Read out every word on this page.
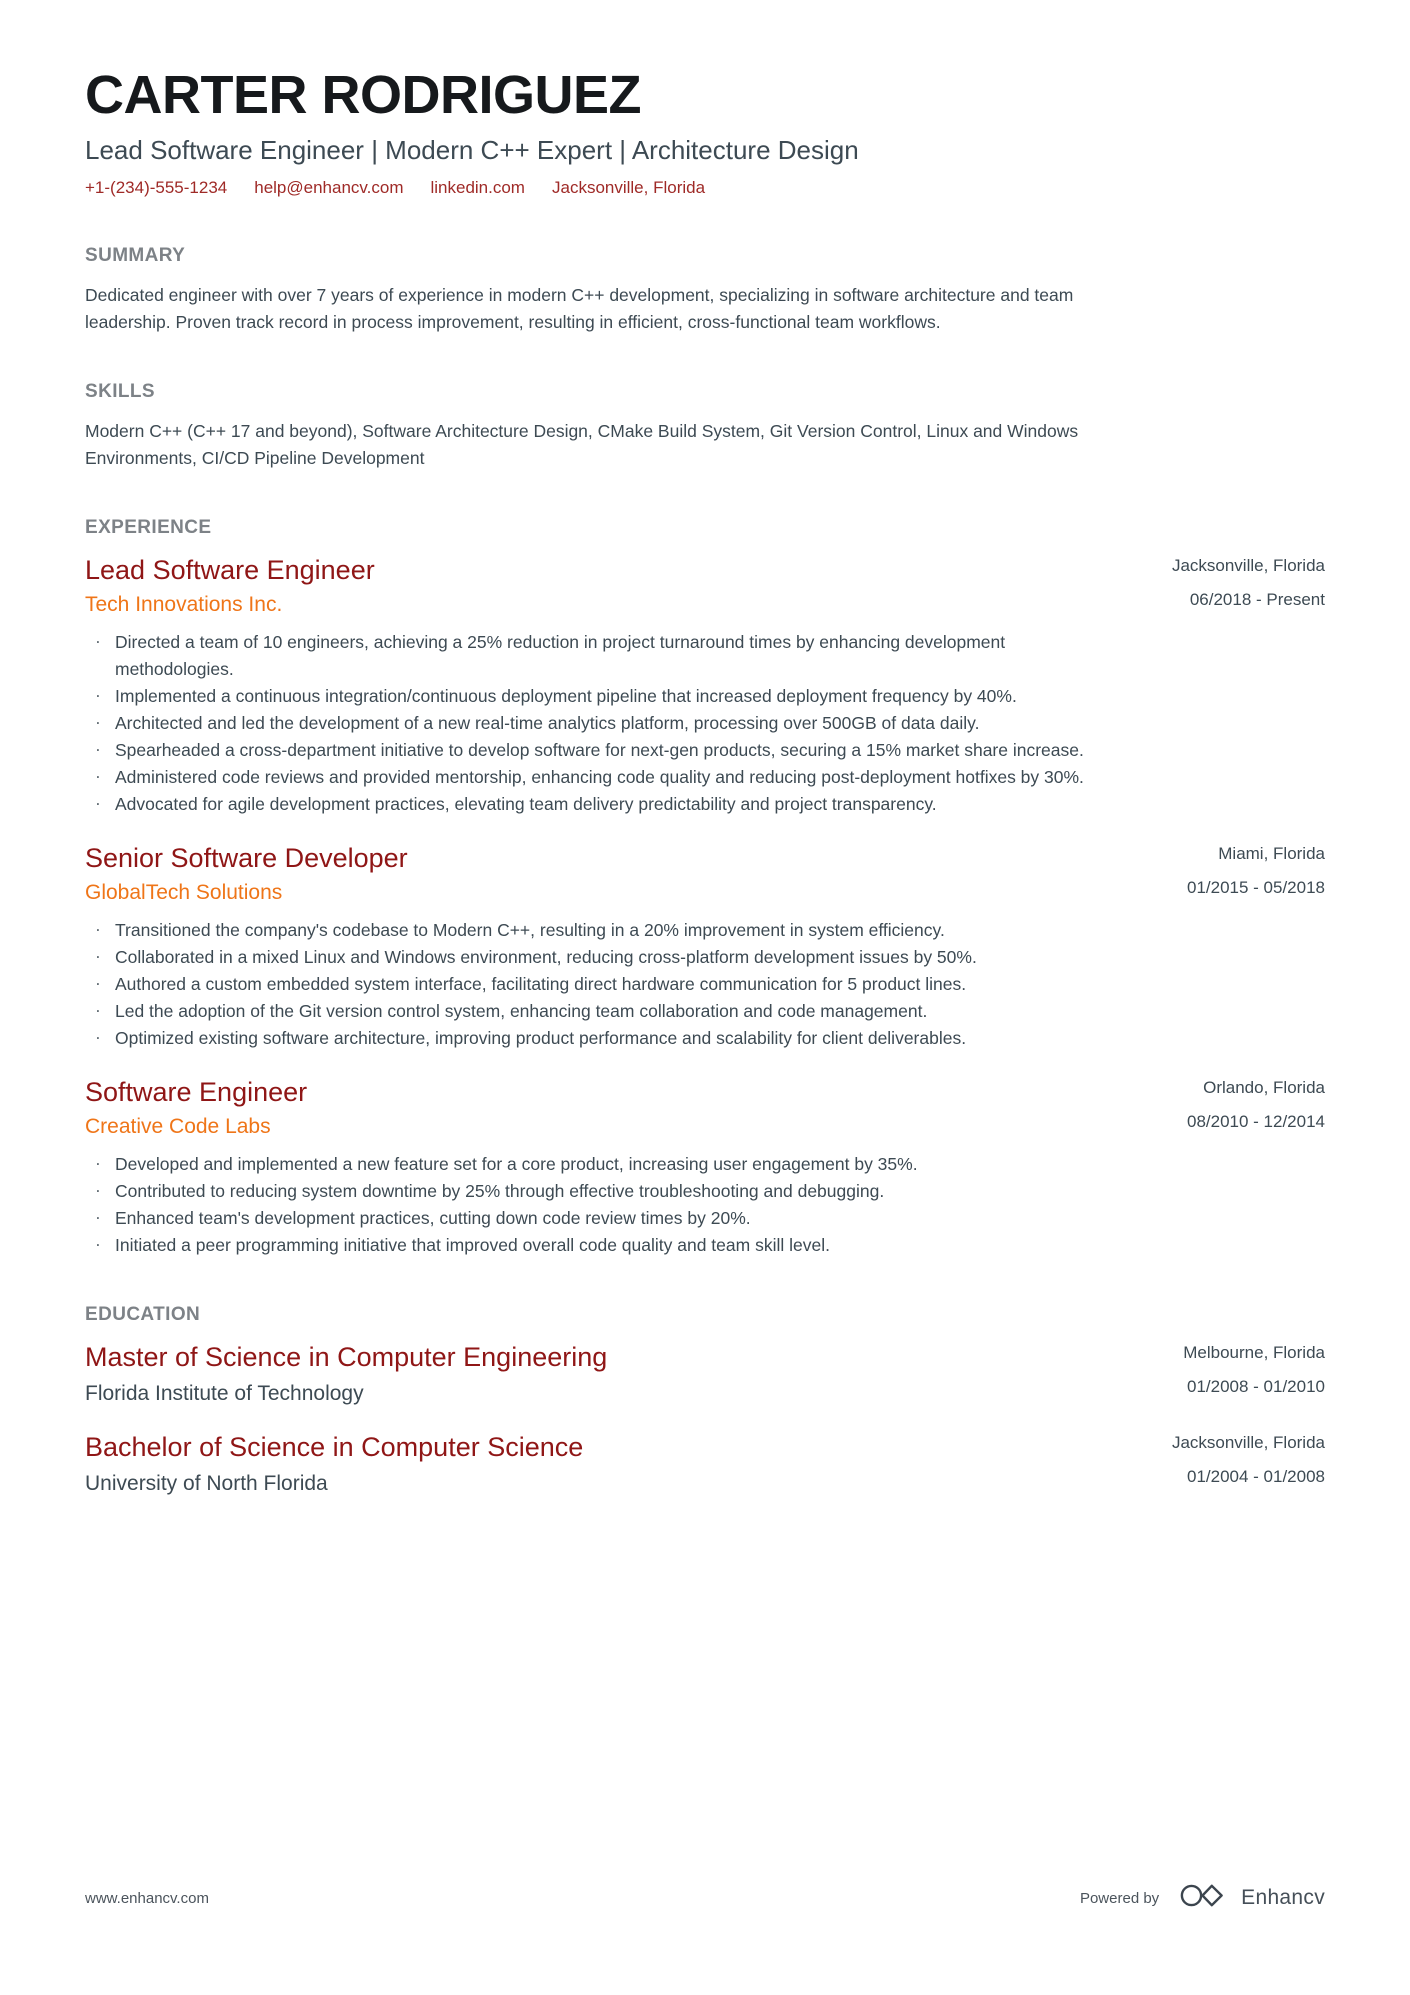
CARTER RODRIGUEZ
Lead Software Engineer | Modern C++ Expert | Architecture Design
+1-(234)-555-1234 help@enhancv.com linkedin.com Jacksonville, Florida
SUMMARY

Dedicated engineer with over 7 years of experience in modern C++ development, specializing in software architecture and team leadership. Proven track record in process improvement, resulting in efficient, cross-functional team workflows.

SKILLS

Modern C++ (C++ 17 and beyond), Software Architecture Design, CMake Build System, Git Version Control, Linux and Windows Environments, CI/CD Pipeline Development

EXPERIENCE
Lead Software Engineer
Tech Innovations Inc.
Jacksonville, Florida
06/2018 - Present
· Directed a team of 10 engineers, achieving a 25% reduction in project turnaround times by enhancing development methodologies.
· Implemented a continuous integration/continuous deployment pipeline that increased deployment frequency by 40%.
· Architected and led the development of a new real-time analytics platform, processing over 500GB of data daily.
· Spearheaded a cross-department initiative to develop software for next-gen products, securing a 15% market share increase.
· Administered code reviews and provided mentorship, enhancing code quality and reducing post-deployment hotfixes by 30%.
· Advocated for agile development practices, elevating team delivery predictability and project transparency.
Senior Software Developer
GlobalTech Solutions
Miami, Florida
01/2015 - 05/2018
· Transitioned the company's codebase to Modern C++, resulting in a 20% improvement in system efficiency.
· Collaborated in a mixed Linux and Windows environment, reducing cross-platform development issues by 50%.
· Authored a custom embedded system interface, facilitating direct hardware communication for 5 product lines.
· Led the adoption of the Git version control system, enhancing team collaboration and code management.
· Optimized existing software architecture, improving product performance and scalability for client deliverables.
Software Engineer
Creative Code Labs
Orlando, Florida
08/2010 - 12/2014
· Developed and implemented a new feature set for a core product, increasing user engagement by 35%.
· Contributed to reducing system downtime by 25% through effective troubleshooting and debugging.
· Enhanced team's development practices, cutting down code review times by 20%.
· Initiated a peer programming initiative that improved overall code quality and team skill level.
EDUCATION
Master of Science in Computer Engineering
Florida Institute of Technology
Melbourne, Florida
01/2008 - 01/2010
Bachelor of Science in Computer Science
University of North Florida
Jacksonville, Florida
01/2004 - 01/2008
www.enhancv.com	Powered by	Enhancv
